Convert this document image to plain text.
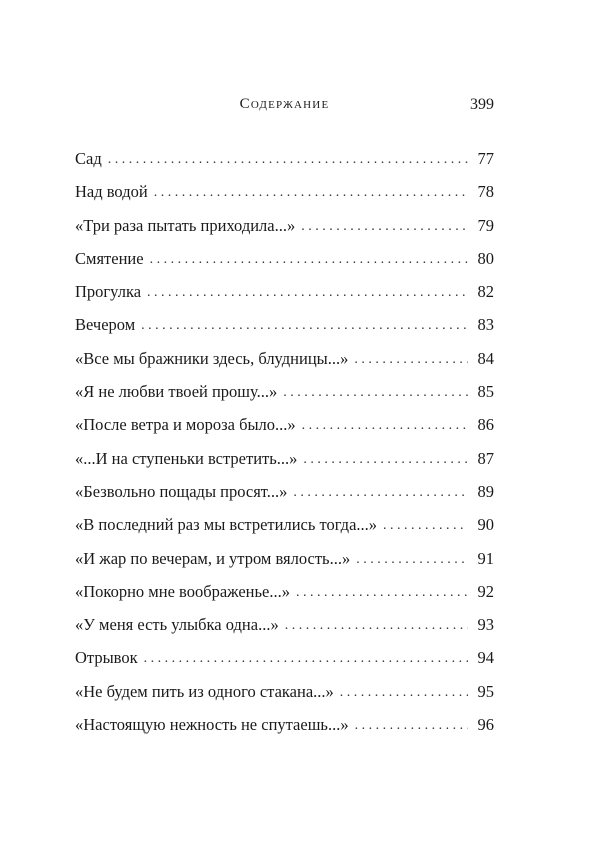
Содержание	399
Сад . . .	77
Над водой . . .	78
«Три раза пытать приходила...» . . .	79
Смятение . . .	80
Прогулка . . .	82
Вечером . . .	83
«Все мы бражники здесь, блудницы...» . . .	84
«Я не любви твоей прошу...» . . .	85
«После ветра и мороза было...» . . .	86
«...И на ступеньки встретить...» . . .	87
«Безвольно пощады просят...» . . .	89
«В последний раз мы встретились тогда...» . . .	90
«И жар по вечерам, и утром вялость...» . . .	91
«Покорно мне воображенье...» . . .	92
«У меня есть улыбка одна...» . . .	93
Отрывок . . .	94
«Не будем пить из одного стакана...» . . .	95
«Настоящую нежность не спутаешь...» . . .	96
